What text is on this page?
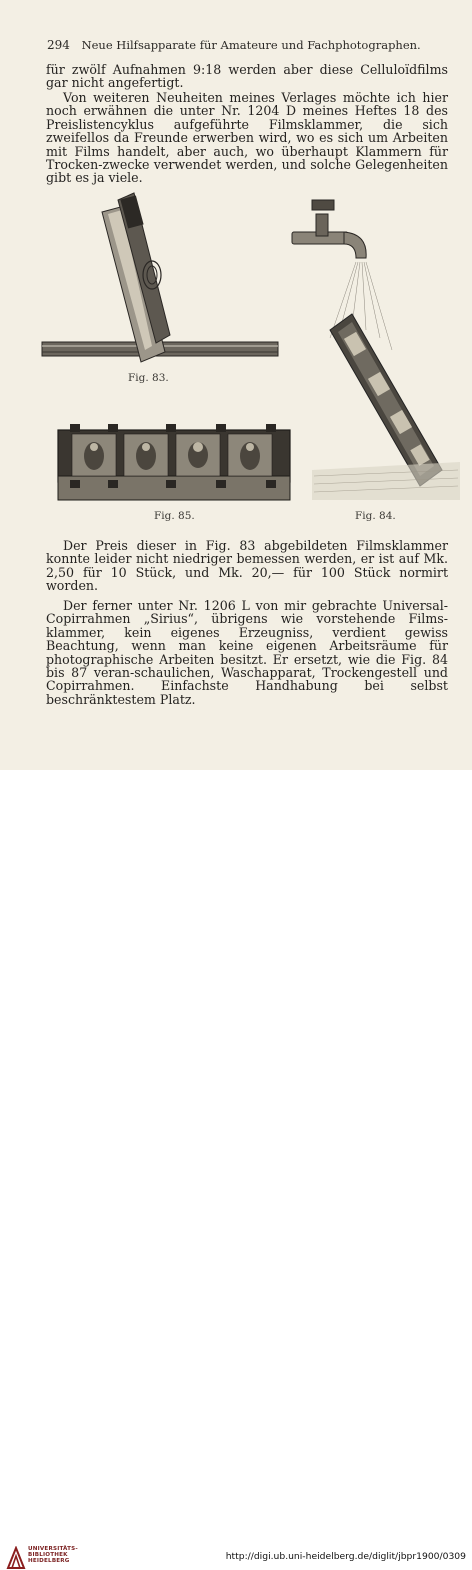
294 Neue Hilfsapparate für Amateure und Fachphotographen.

für zwölf Aufnahmen 9:18 werden aber diese Celluloïdfilms gar nicht angefertigt.

Von weiteren Neuheiten meines Verlages möchte ich hier noch erwähnen die unter Nr. 1204 D meines Heftes 18 des Preislistencyklus aufgeführte Filmsklammer, die sich zweifellos da Freunde erwerben wird, wo es sich um Arbeiten mit Films handelt, aber auch, wo überhaupt Klammern für Trocken-zwecke verwendet werden, und solche Gelegenheiten gibt es ja viele.

Fig. 83.
Fig. 85.	Fig. 84.

Der Preis dieser in Fig. 83 abgebildeten Filmsklammer konnte leider nicht niedriger bemessen werden, er ist auf Mk. 2,50 für 10 Stück, und Mk. 20,— für 100 Stück normirt worden.

Der ferner unter Nr. 1206 L von mir gebrachte Universal-Copirrahmen „Sirius“, übrigens wie vorstehende Films-klammer, kein eigenes Erzeugniss, verdient gewiss Beachtung, wenn man keine eigenen Arbeitsräume für photographische Arbeiten besitzt. Er ersetzt, wie die Fig. 84 bis 87 veran-schaulichen, Waschapparat, Trockengestell und Copirrahmen. Einfachste Handhabung bei selbst beschränktestem Platz.

UNIVERSITÄTS-
BIBLIOTHEK
HEIDELBERG	http://digi.ub.uni-heidelberg.de/diglit/jbpr1900/0309
